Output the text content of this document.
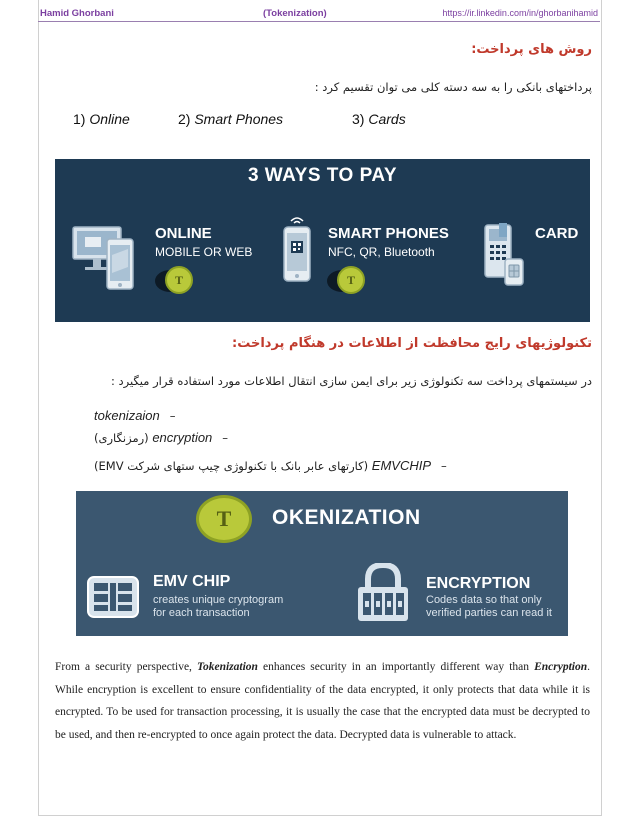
Hamid Ghorbani	(Tokenization)	https://ir.linkedin.com/in/ghorbanihamid
روش های پرداخت:
پرداختهای بانکی را به سه دسته کلی می توان تقسیم کرد :
1) Online	2) Smart Phones	3) Cards
3 WAYS TO PAY
ONLINE
MOBILE OR WEB
T
SMART PHONES
NFC, QR, Bluetooth
T
CARD
تکنولوژیهای رایج محافظت از اطلاعات در هنگام پرداخت:
در سیستمهای پرداخت سه تکنولوژی زیر برای ایمن سازی انتقال اطلاعات مورد استفاده قرار میگیرد :
–
tokenizaion
–
encryption

(رمزنگاری)
–
EMVCHIP

(کارتهای عابر بانک با تکنولوژی چیپ ستهای شرکت EMV)
T	OKENIZATION
EMV CHIP
creates unique cryptogram
for each transaction
ENCRYPTION
Codes data so that only
verified parties can read it
From a security perspective, Tokenization enhances security in an importantly different way than Encryption. While encryption is excellent to ensure confidentiality of the data encrypted, it only protects that data while it is encrypted. To be used for transaction processing, it is usually the case that the encrypted data must be decrypted to be used, and then re-encrypted to once again protect the data. Decrypted data is vulnerable to attack.
